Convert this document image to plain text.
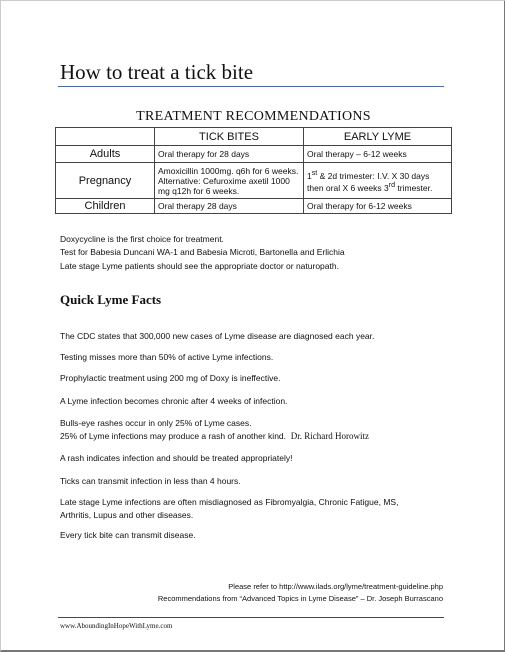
How to treat a tick bite
TREATMENT RECOMMENDATIONS
	TICK BITES	EARLY LYME
Adults	Oral therapy for 28 days	Oral therapy – 6-12 weeks
Pregnancy	Amoxicillin 1000mg. q6h for 6 weeks. Alternative: Cefuroxime axetil 1000 mg q12h for 6 weeks.	1st & 2d trimester: I.V. X 30 days then oral X 6 weeks 3rd trimester.
Children	Oral therapy 28 days	Oral therapy for 6-12 weeks
Doxycycline is the first choice for treatment.
Test for Babesia Duncani WA-1 and Babesia Microti, Bartonella and Erlichia
Late stage Lyme patients should see the appropriate doctor or naturopath.
Quick Lyme Facts
The CDC states that 300,000 new cases of Lyme disease are diagnosed each year.
Testing misses more than 50% of active Lyme infections.
Prophylactic treatment using 200 mg of Doxy is ineffective.
A Lyme infection becomes chronic after 4 weeks of infection.
Bulls-eye rashes occur in only 25% of Lyme cases.
25% of Lyme infections may produce a rash of another kind. Dr. Richard Horowitz
A rash indicates infection and should be treated appropriately!
Ticks can transmit infection in less than 4 hours.
Late stage Lyme infections are often misdiagnosed as Fibromyalgia, Chronic Fatigue, MS,
Arthritis, Lupus and other diseases.
Every tick bite can transmit disease.
Please refer to http://www.ilads.org/lyme/treatment-guideline.php
Recommendations from “Advanced Topics in Lyme Disease” – Dr. Joseph Burrascano
www.AboundingInHopeWithLyme.com
